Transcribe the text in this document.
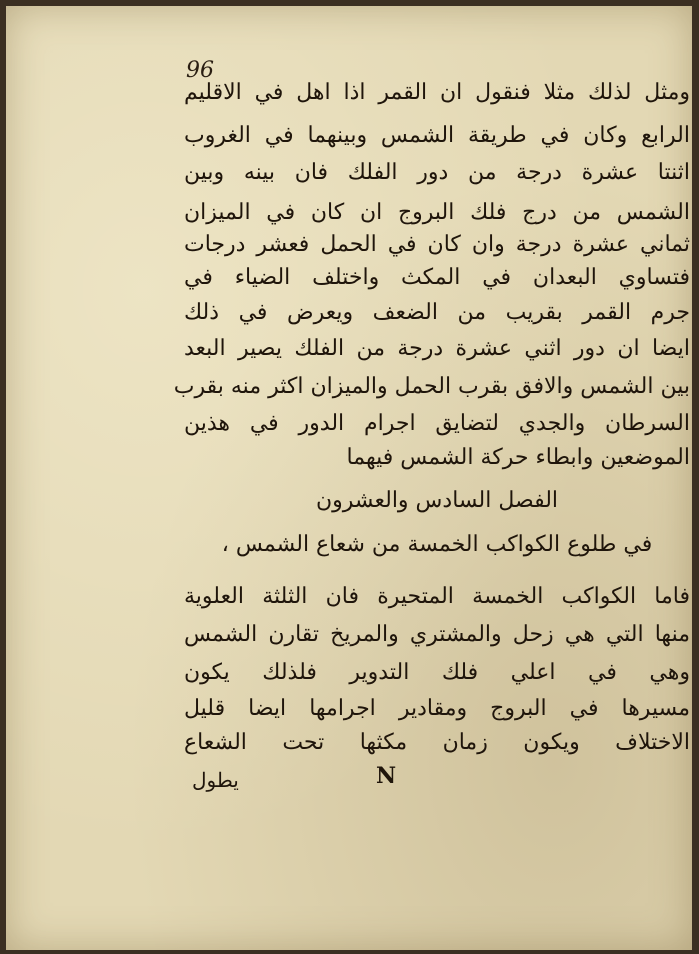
96
ومثل لذلك مثلا فنقول ان القمر اذا اهل في الاقليم
الرابع وكان في طريقة الشمس وبينهما في الغروب
اثنتا عشرة درجة من دور الفلك فان بينه وبين
الشمس من درج فلك البروج ان كان في الميزان
ثماني عشرة درجة وان كان في الحمل فعشر درجات
فتساوي البعدان في المكث واختلف الضياء في
جرم القمر بقريب من الضعف ويعرض في ذلك
ايضا ان دور اثني عشرة درجة من الفلك يصير البعد
بين الشمس والافق بقرب الحمل والميزان اكثر منه بقرب
السرطان والجدي لتضايق اجرام الدور في هذين
الموضعين وابطاء حركة الشمس فيهما
الفصل السادس والعشرون
في طلوع الكواكب الخمسة من شعاع الشمس ،
فاما الكواكب الخمسة المتحيرة فان الثلثة العلوية
منها التي هي زحل والمشتري والمريخ تقارن الشمس
وهي في اعلي فلك التدوير فلذلك يكون
مسيرها في البروج ومقادير اجرامها ايضا قليل
الاختلاف ويكون زمان مكثها تحت الشعاع
N
يطول
